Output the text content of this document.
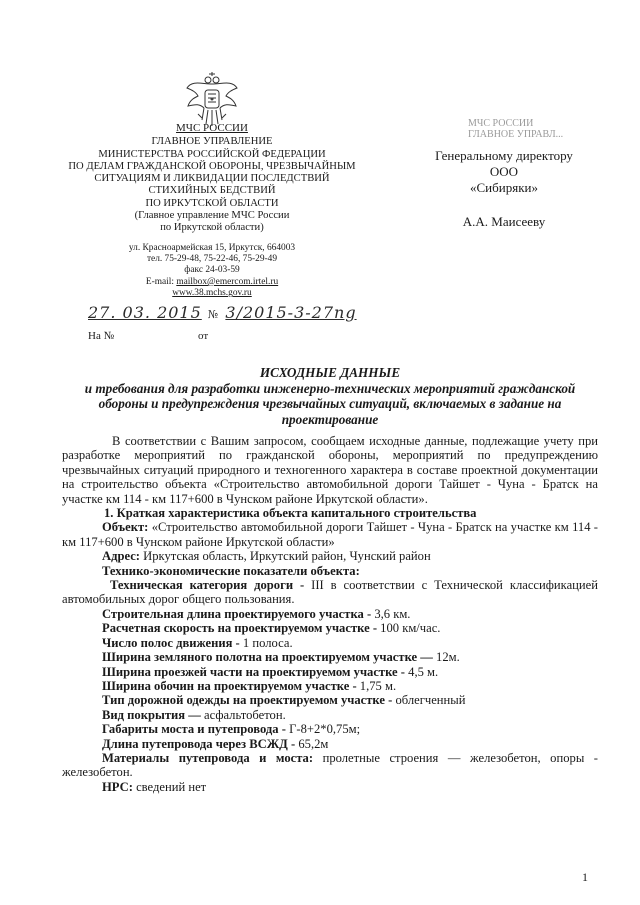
МЧС РОССИИ
ГЛАВНОЕ УПРАВЛЕНИЕ
МИНИСТЕРСТВА РОССИЙСКОЙ ФЕДЕРАЦИИ
ПО ДЕЛАМ ГРАЖДАНСКОЙ ОБОРОНЫ, ЧРЕЗВЫЧАЙНЫМ
СИТУАЦИЯМ И ЛИКВИДАЦИИ ПОСЛЕДСТВИЙ
СТИХИЙНЫХ БЕДСТВИЙ
ПО ИРКУТСКОЙ ОБЛАСТИ
(Главное управление МЧС России
по Иркутской области)
ул. Красноармейская 15, Иркутск, 664003
тел. 75-29-48, 75-22-46, 75-29-49
факс 24-03-59
E-mail: mailbox@emercom.irtel.ru
www.38.mchs.gov.ru
МЧС РОССИИ
ГЛАВНОЕ УПРАВЛ...
Генеральному директору
ООО
«Сибиряки»
А.А. Маисееву
27. 03. 2015 № 3/2015-3-27ng
На №	от
ИСХОДНЫЕ ДАННЫЕ
и требования для разработки инженерно-технических мероприятий гражданской обороны и предупреждения чрезвычайных ситуаций, включаемых в задание на проектирование

В соответствии с Вашим запросом, сообщаем исходные данные, подлежащие учету при разработке мероприятий по гражданской обороны, мероприятий по предупреждению чрезвычайных ситуаций природного и техногенного характера в составе проектной документации на строительство объекта «Строительство автомобильной дороги Тайшет - Чуна - Братск на участке км 114 - км 117+600 в Чунском районе Иркутской области».

1. Краткая характеристика объекта капитального строительства

Объект: «Строительство автомобильной дороги Тайшет - Чуна - Братск на участке км 114 - км 117+600 в Чунском районе Иркутской области»

Адрес: Иркутская область, Иркутский район, Чунский район

Технико-экономические показатели объекта:

Техническая категория дороги - III в соответствии с Технической классификацией автомобильных дорог общего пользования.

Строительная длина проектируемого участка - 3,6 км.

Расчетная скорость на проектируемом участке - 100 км/час.

Число полос движения - 1 полоса.

Ширина земляного полотна на проектируемом участке — 12м.

Ширина проезжей части на проектируемом участке - 4,5 м.

Ширина обочин на проектируемом участке - 1,75 м.

Тип дорожной одежды на проектируемом участке - облегченный

Вид покрытия — асфальтобетон.

Габариты моста и путепровода - Г-8+2*0,75м;

Длина путепровода через ВСЖД - 65,2м

Материалы путепровода и моста: пролетные строения — железобетон, опоры - железобетон.

НРС: сведений нет

1
